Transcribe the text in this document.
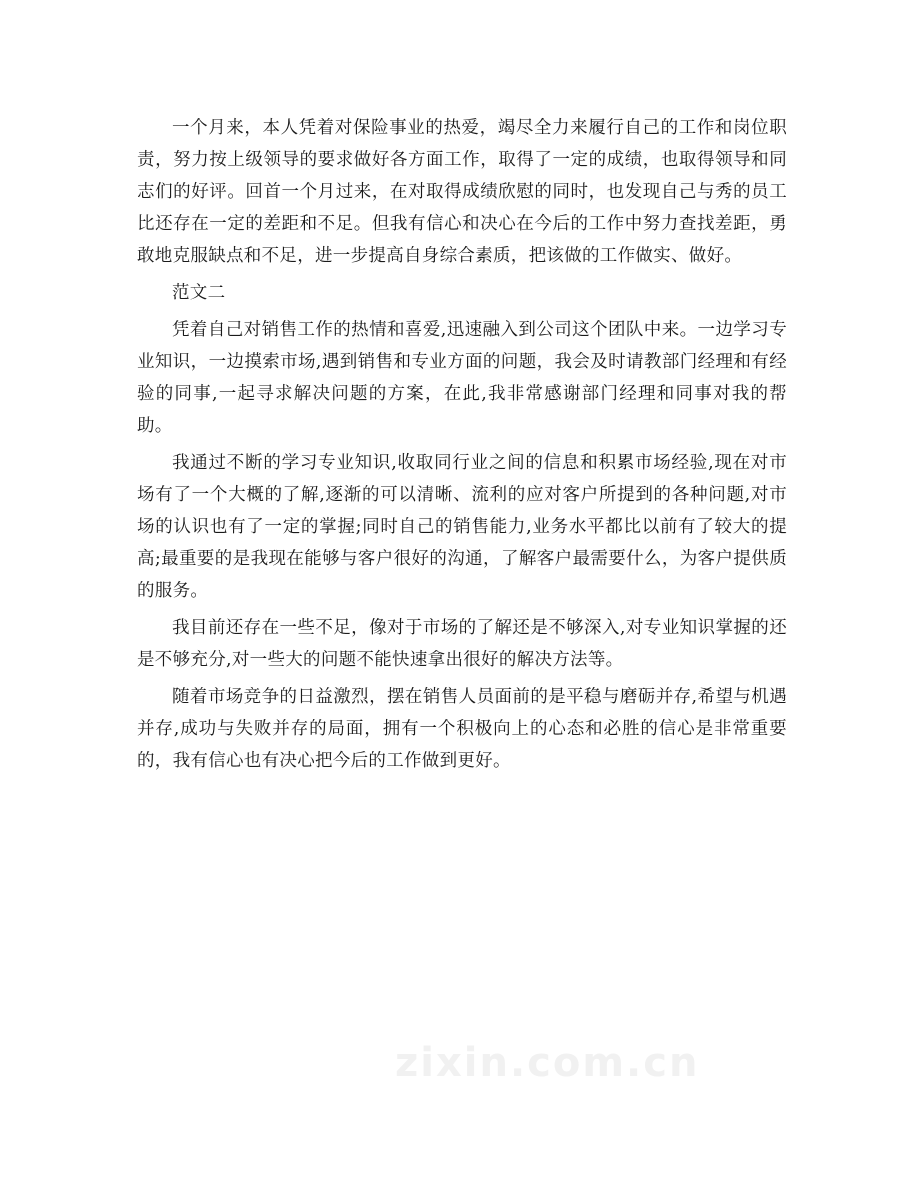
一个月来，本人凭着对保险事业的热爱，竭尽全力来履行自己的工作和岗位职责，努力按上级领导的要求做好各方面工作，取得了一定的成绩，也取得领导和同志们的好评。回首一个月过来，在对取得成绩欣慰的同时，也发现自己与秀的员工比还存在一定的差距和不足。但我有信心和决心在今后的工作中努力查找差距，勇敢地克服缺点和不足，进一步提高自身综合素质，把该做的工作做实、做好。

范文二

凭着自己对销售工作的热情和喜爱,迅速融入到公司这个团队中来。一边学习专业知识，一边摸索市场,遇到销售和专业方面的问题，我会及时请教部门经理和有经验的同事,一起寻求解决问题的方案，在此,我非常感谢部门经理和同事对我的帮助。

我通过不断的学习专业知识,收取同行业之间的信息和积累市场经验,现在对市场有了一个大概的了解,逐渐的可以清晰、流利的应对客户所提到的各种问题,对市场的认识也有了一定的掌握;同时自己的销售能力,业务水平都比以前有了较大的提高;最重要的是我现在能够与客户很好的沟通，了解客户最需要什么，为客户提供质的服务。

我目前还存在一些不足，像对于市场的了解还是不够深入,对专业知识掌握的还是不够充分,对一些大的问题不能快速拿出很好的解决方法等。

随着市场竞争的日益激烈，摆在销售人员面前的是平稳与磨砺并存,希望与机遇并存,成功与失败并存的局面，拥有一个积极向上的心态和必胜的信心是非常重要的，我有信心也有决心把今后的工作做到更好。

zixin.com.cn
